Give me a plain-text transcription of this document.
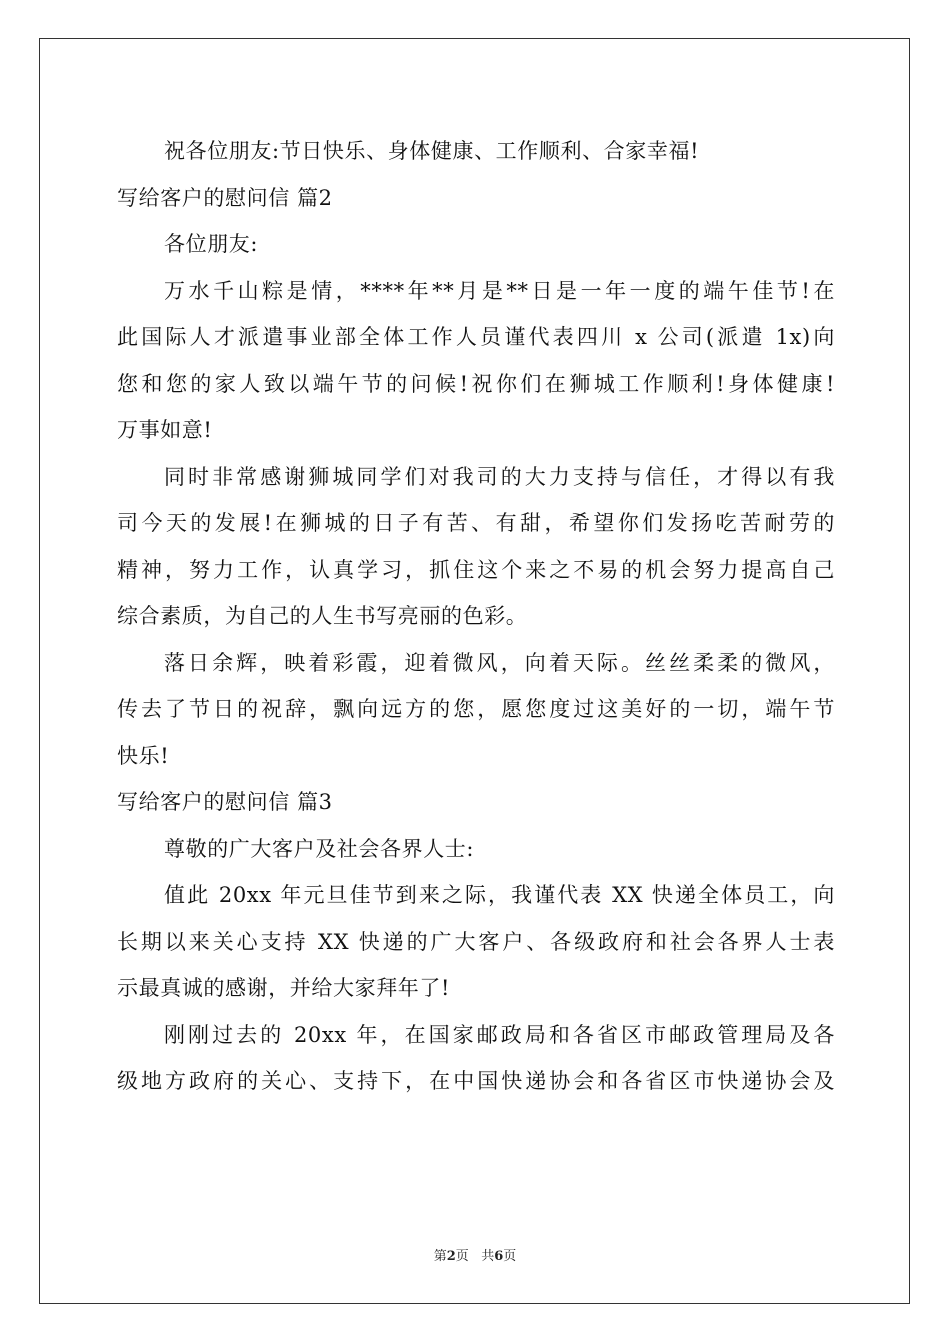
祝各位朋友:节日快乐、身体健康、工作顺利、合家幸福!
写给客户的慰问信 篇2
各位朋友:
万水千山粽是情，****年**月是**日是一年一度的端午佳节!在
此国际人才派遣事业部全体工作人员谨代表四川 x 公司(派遣 1x)向
您和您的家人致以端午节的问候!祝你们在狮城工作顺利!身体健康!
万事如意!
同时非常感谢狮城同学们对我司的大力支持与信任，才得以有我
司今天的发展!在狮城的日子有苦、有甜，希望你们发扬吃苦耐劳的
精神，努力工作，认真学习，抓住这个来之不易的机会努力提高自己
综合素质，为自己的人生书写亮丽的色彩。
落日余辉，映着彩霞，迎着微风，向着天际。丝丝柔柔的微风，
传去了节日的祝辞，飘向远方的您，愿您度过这美好的一切，端午节
快乐!
写给客户的慰问信 篇3
尊敬的广大客户及社会各界人士:
值此 20xx 年元旦佳节到来之际，我谨代表 XX 快递全体员工，向
长期以来关心支持 XX 快递的广大客户、各级政府和社会各界人士表
示最真诚的感谢，并给大家拜年了!
刚刚过去的 20xx 年，在国家邮政局和各省区市邮政管理局及各
级地方政府的关心、支持下，在中国快递协会和各省区市快递协会及
第2页 共6页
